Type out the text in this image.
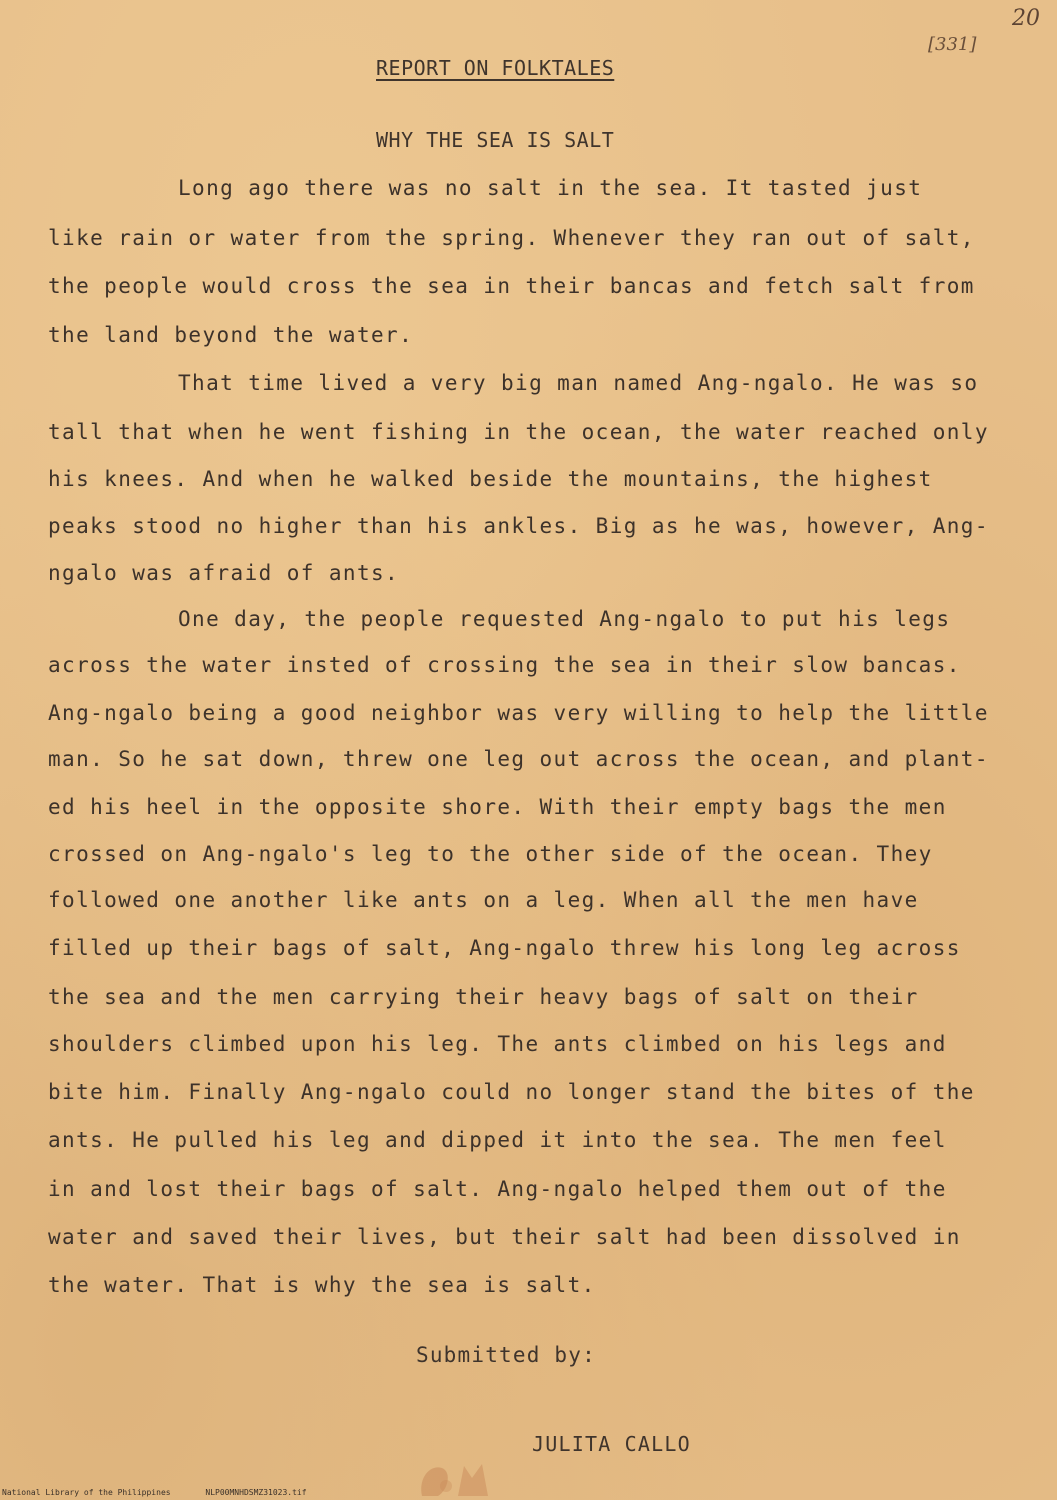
20
[331]
REPORT ON FOLKTALES
WHY THE SEA IS SALT
Long ago there was no salt in the sea. It tasted just
like rain or water from the spring. Whenever they ran out of salt,
the people would cross the sea in their bancas and fetch salt from
the land beyond the water.
That time lived a very big man named Ang-ngalo. He was so
tall that when he went fishing in the ocean, the water reached only
his knees. And when he walked beside the mountains, the highest
peaks stood no higher than his ankles. Big as he was, however, Ang-
ngalo was afraid of ants.
One day, the people requested Ang-ngalo to put his legs
across the water insted of crossing the sea in their slow bancas.
Ang-ngalo being a good neighbor was very willing to help the little
man. So he sat down, threw one leg out across the ocean, and plant-
ed his heel in the opposite shore. With their empty bags the men
crossed on Ang-ngalo's leg to the other side of the ocean. They
followed one another like ants on a leg. When all the men have
filled up their bags of salt, Ang-ngalo threw his long leg across
the sea and the men carrying their heavy bags of salt on their
shoulders climbed upon his leg. The ants climbed on his legs and
bite him. Finally Ang-ngalo could no longer stand the bites of the
ants. He pulled his leg and dipped it into the sea. The men feel
in and lost their bags of salt. Ang-ngalo helped them out of the
water and saved their lives, but their salt had been dissolved in
the water. That is why the sea is salt.
Submitted by:
JULITA CALLO
National Library of the Philippines	NLP00MNHDSMZ31023.tif
